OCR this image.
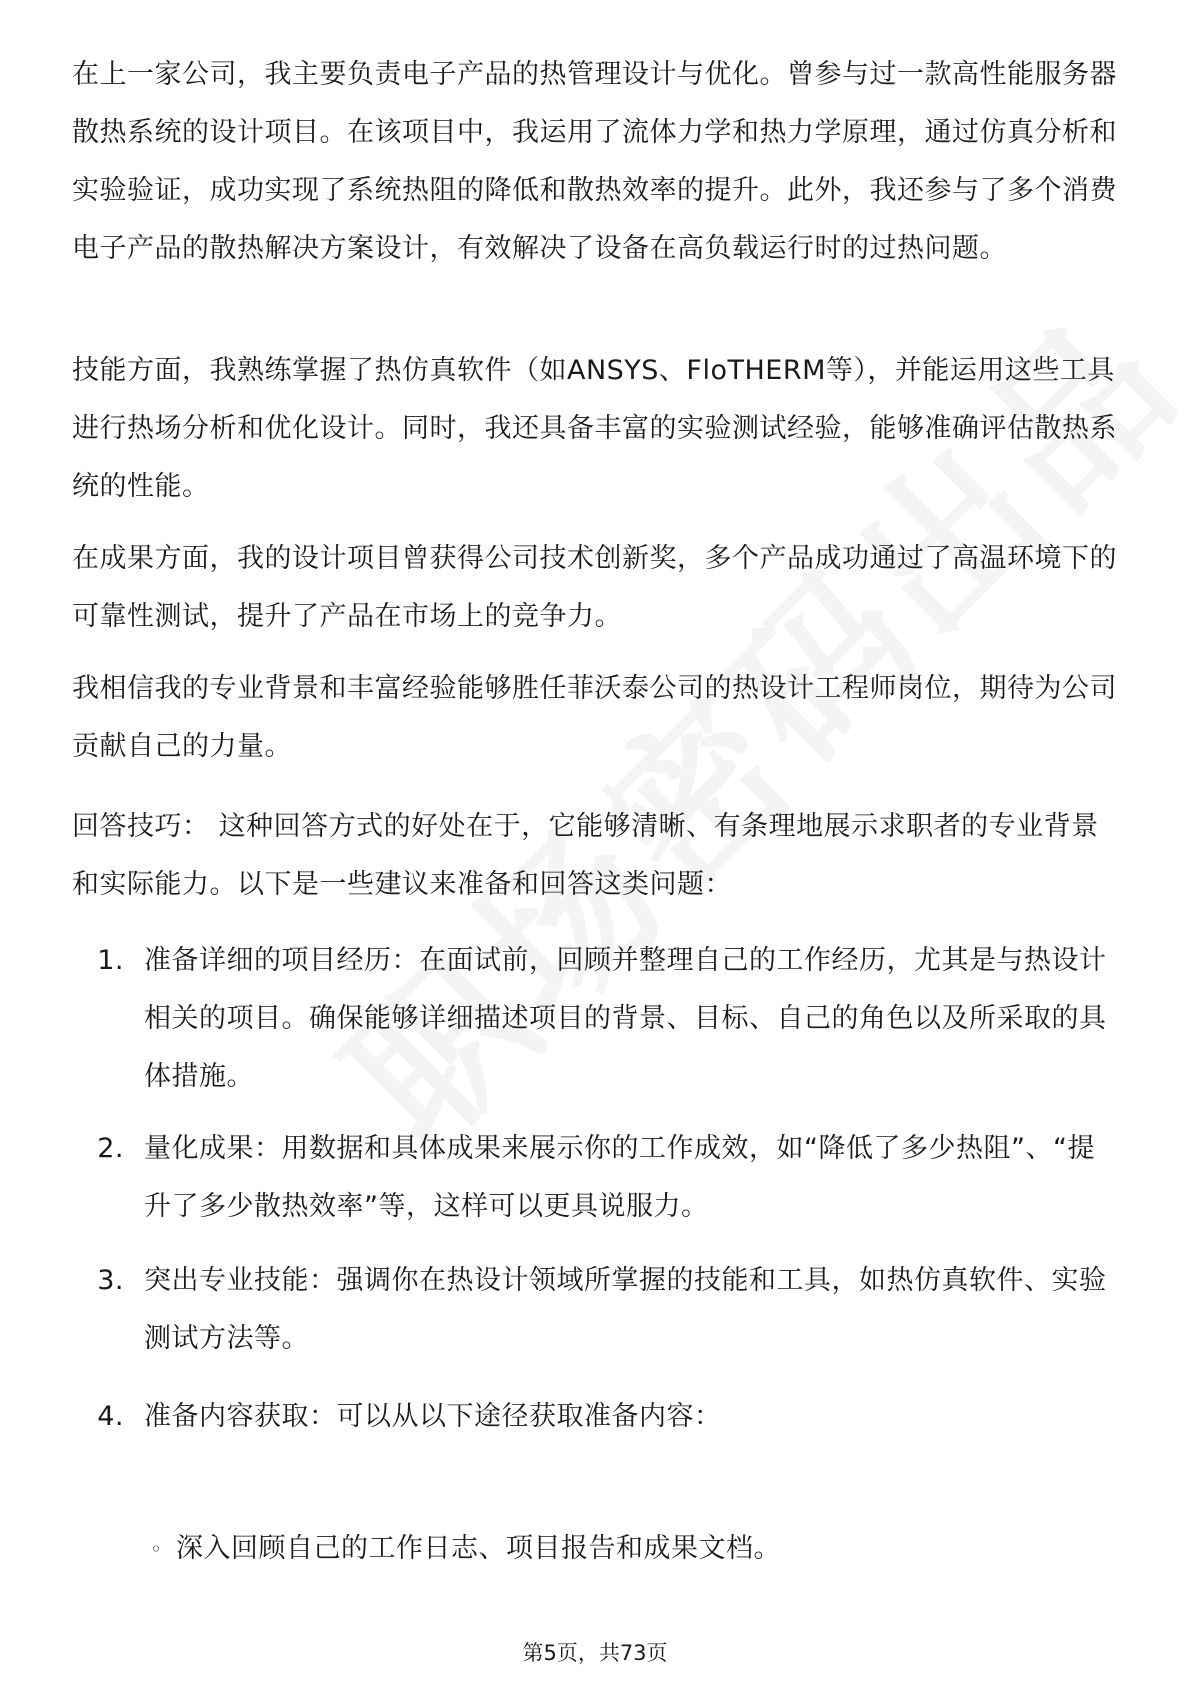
在上一家公司，我主要负责电子产品的热管理设计与优化。曾参与过一款高性能服务器散热系统的设计项目。在该项目中，我运用了流体力学和热力学原理，通过仿真分析和实验验证，成功实现了系统热阻的降低和散热效率的提升。此外，我还参与了多个消费电子产品的散热解决方案设计，有效解决了设备在高负载运行时的过热问题。

技能方面，我熟练掌握了热仿真软件（如ANSYS、FloTHERM等），并能运用这些工具进行热场分析和优化设计。同时，我还具备丰富的实验测试经验，能够准确评估散热系统的性能。

在成果方面，我的设计项目曾获得公司技术创新奖，多个产品成功通过了高温环境下的可靠性测试，提升了产品在市场上的竞争力。

我相信我的专业背景和丰富经验能够胜任菲沃泰公司的热设计工程师岗位，期待为公司贡献自己的力量。

回答技巧： 这种回答方式的好处在于，它能够清晰、有条理地展示求职者的专业背景和实际能力。以下是一些建议来准备和回答这类问题：

1. 准备详细的项目经历：在面试前，回顾并整理自己的工作经历，尤其是与热设计相关的项目。确保能够详细描述项目的背景、目标、自己的角色以及所采取的具体措施。
2. 量化成果：用数据和具体成果来展示你的工作成效，如“降低了多少热阻”、“提升了多少散热效率”等，这样可以更具说服力。
3. 突出专业技能：强调你在热设计领域所掌握的技能和工具，如热仿真软件、实验测试方法等。
4. 准备内容获取：可以从以下途径获取准备内容：
◦ 深入回顾自己的工作日志、项目报告和成果文档。
第5页，共73页
